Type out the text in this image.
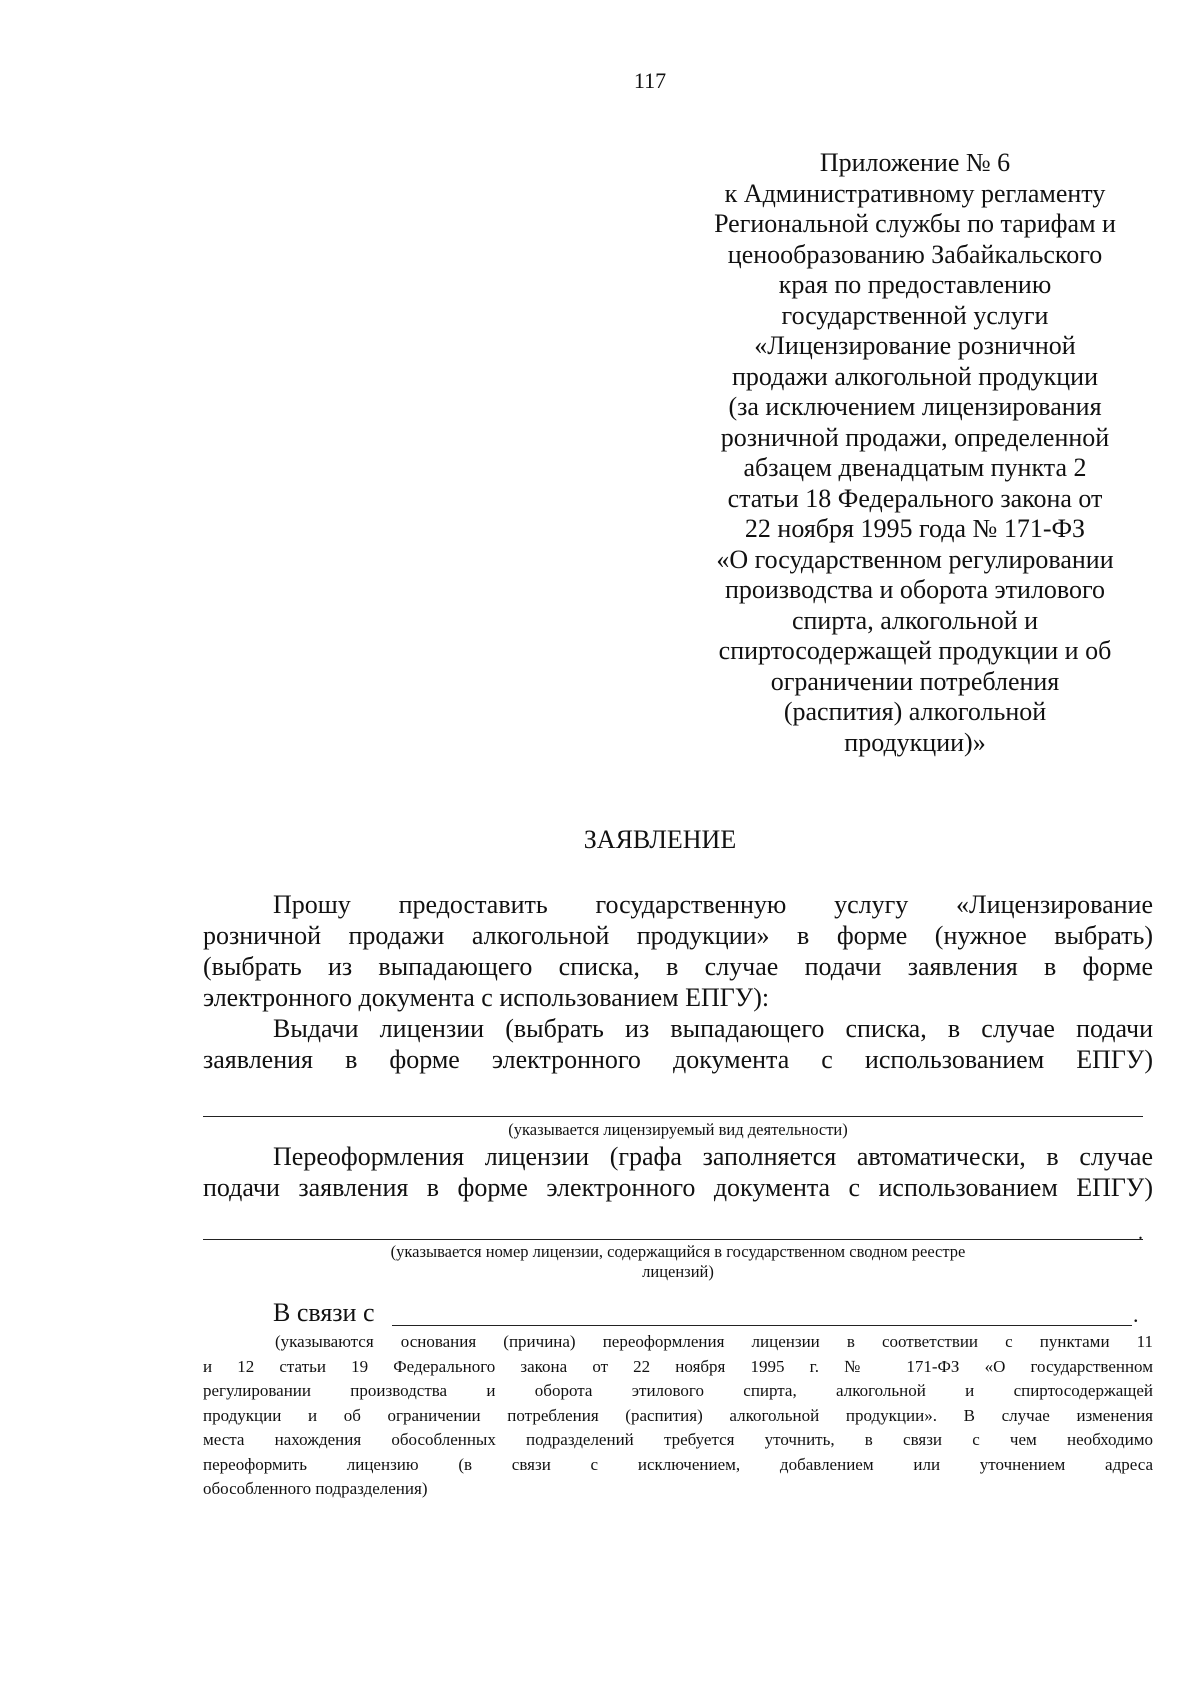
117
Приложение № 6
к Административному регламенту
Региональной службы по тарифам и
ценообразованию Забайкальского
края по предоставлению
государственной услуги
«Лицензирование розничной
продажи алкогольной продукции
(за исключением лицензирования
розничной продажи, определенной
абзацем двенадцатым пункта 2
статьи 18 Федерального закона от
22 ноября 1995 года № 171-ФЗ
«О государственном регулировании
производства и оборота этилового
спирта, алкогольной и
спиртосодержащей продукции и об
ограничении потребления
(распития) алкогольной
продукции)»
ЗАЯВЛЕНИЕ
Прошу предоставить государственную услугу «Лицензирование
розничной продажи алкогольной продукции» в форме (нужное выбрать)
(выбрать из выпадающего списка, в случае подачи заявления в форме
электронного документа с использованием ЕПГУ):
Выдачи лицензии (выбрать из выпадающего списка, в случае подачи
заявления в форме электронного документа с использованием ЕПГУ)
(указывается лицензируемый вид деятельности)
Переоформления лицензии (графа заполняется автоматически, в случае
подачи заявления в форме электронного документа с использованием ЕПГУ)
.
(указывается номер лицензии, содержащийся в государственном сводном реестре
лицензий)
В связи с	.
(указываются основания (причина) переоформления лицензии в соответствии с пунктами 11
и 12 статьи 19 Федерального закона от 22 ноября 1995 г. № 171-ФЗ «О государственном
регулировании производства и оборота этилового спирта, алкогольной и спиртосодержащей
продукции и об ограничении потребления (распития) алкогольной продукции». В случае изменения
места нахождения обособленных подразделений требуется уточнить, в связи с чем необходимо
переоформить лицензию (в связи с исключением, добавлением или уточнением адреса
обособленного подразделения)
